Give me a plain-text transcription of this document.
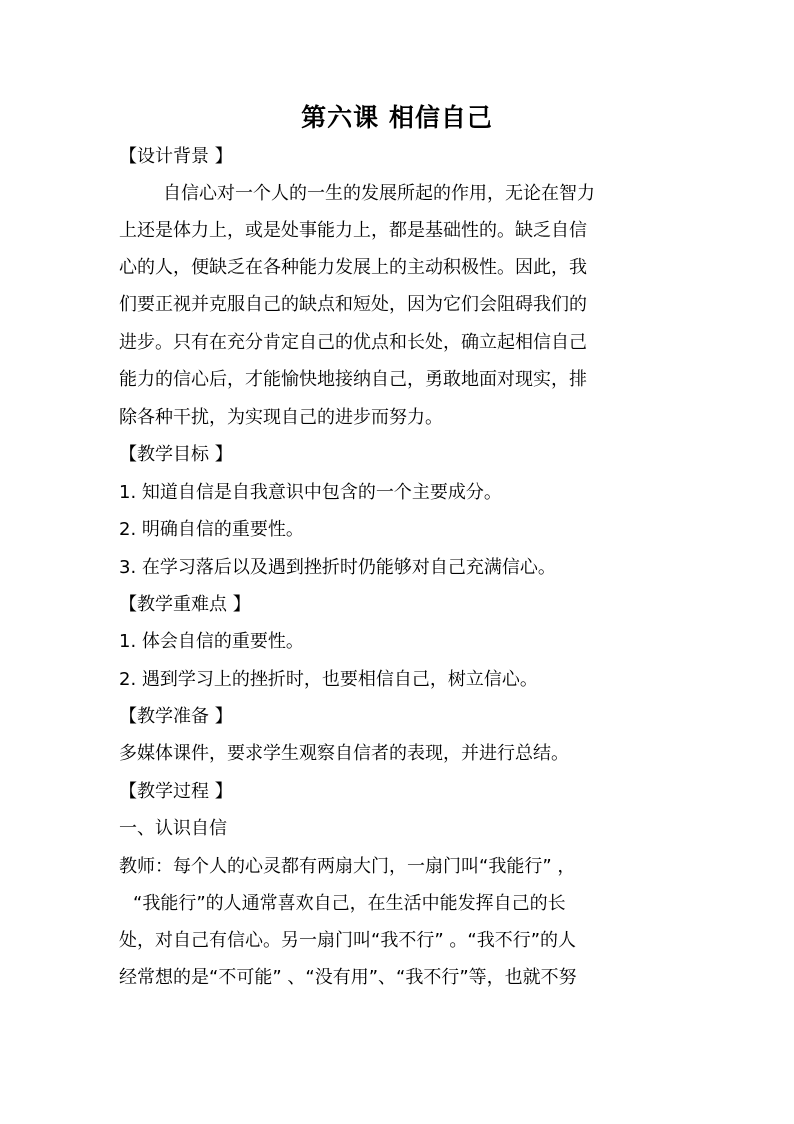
第六课 相信自己

【设计背景 】

自信心对一个人的一生的发展所起的作用，无论在智力

上还是体力上，或是处事能力上，都是基础性的。缺乏自信

心的人，便缺乏在各种能力发展上的主动积极性。因此，我

们要正视并克服自己的缺点和短处，因为它们会阻碍我们的

进步。只有在充分肯定自己的优点和长处，确立起相信自己

能力的信心后，才能愉快地接纳自己，勇敢地面对现实，排

除各种干扰，为实现自己的进步而努力。

【教学目标 】

1. 知道自信是自我意识中包含的一个主要成分。

2. 明确自信的重要性。

3. 在学习落后以及遇到挫折时仍能够对自己充满信心。

【教学重难点 】

1. 体会自信的重要性。

2. 遇到学习上的挫折时，也要相信自己，树立信心。

【教学准备 】

多媒体课件，要求学生观察自信者的表现，并进行总结。

【教学过程 】

一、认识自信

教师：每个人的心灵都有两扇大门，一扇门叫“我能行” ，

“我能行”的人通常喜欢自己，在生活中能发挥自己的长

处，对自己有信心。另一扇门叫“我不行” 。“我不行”的人

经常想的是“不可能” 、“没有用”、“我不行”等，也就不努
